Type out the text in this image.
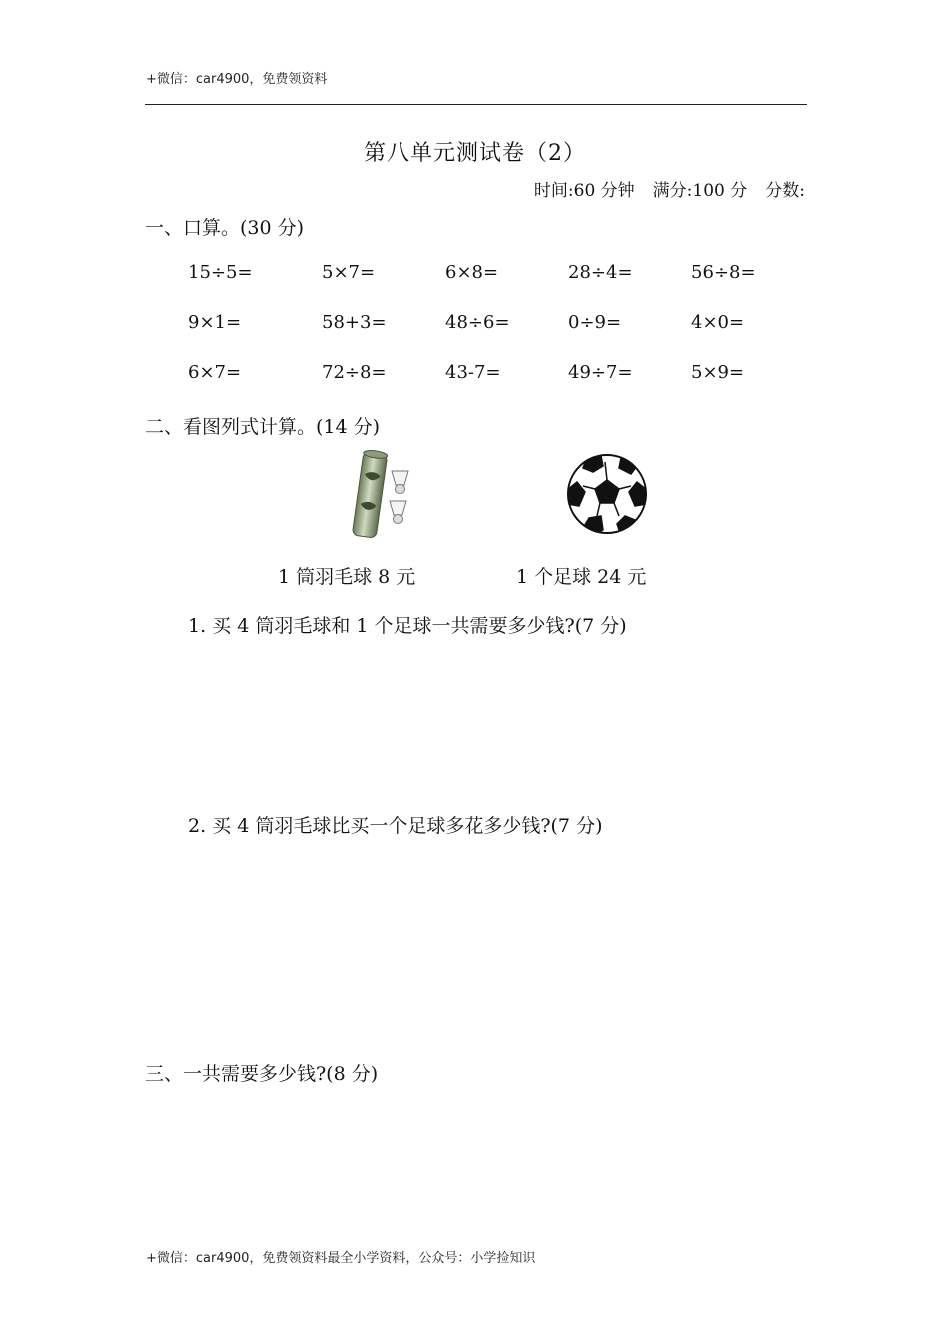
+微信：car4900，免费领资料
第八单元测试卷（2）
时间:60 分钟 满分:100 分 分数:
一、口算。(30 分)
15÷5=	5×7=	6×8=	28÷4=	56÷8=
9×1=	58+3=	48÷6=	0÷9=	4×0=
6×7=	72÷8=	43-7=	49÷7=	5×9=
二、看图列式计算。(14 分)
1 筒羽毛球 8 元	1 个足球 24 元
1. 买 4 筒羽毛球和 1 个足球一共需要多少钱?(7 分)
2. 买 4 筒羽毛球比买一个足球多花多少钱?(7 分)
三、一共需要多少钱?(8 分)
+微信：car4900，免费领资料最全小学资料，公众号：小学捡知识
